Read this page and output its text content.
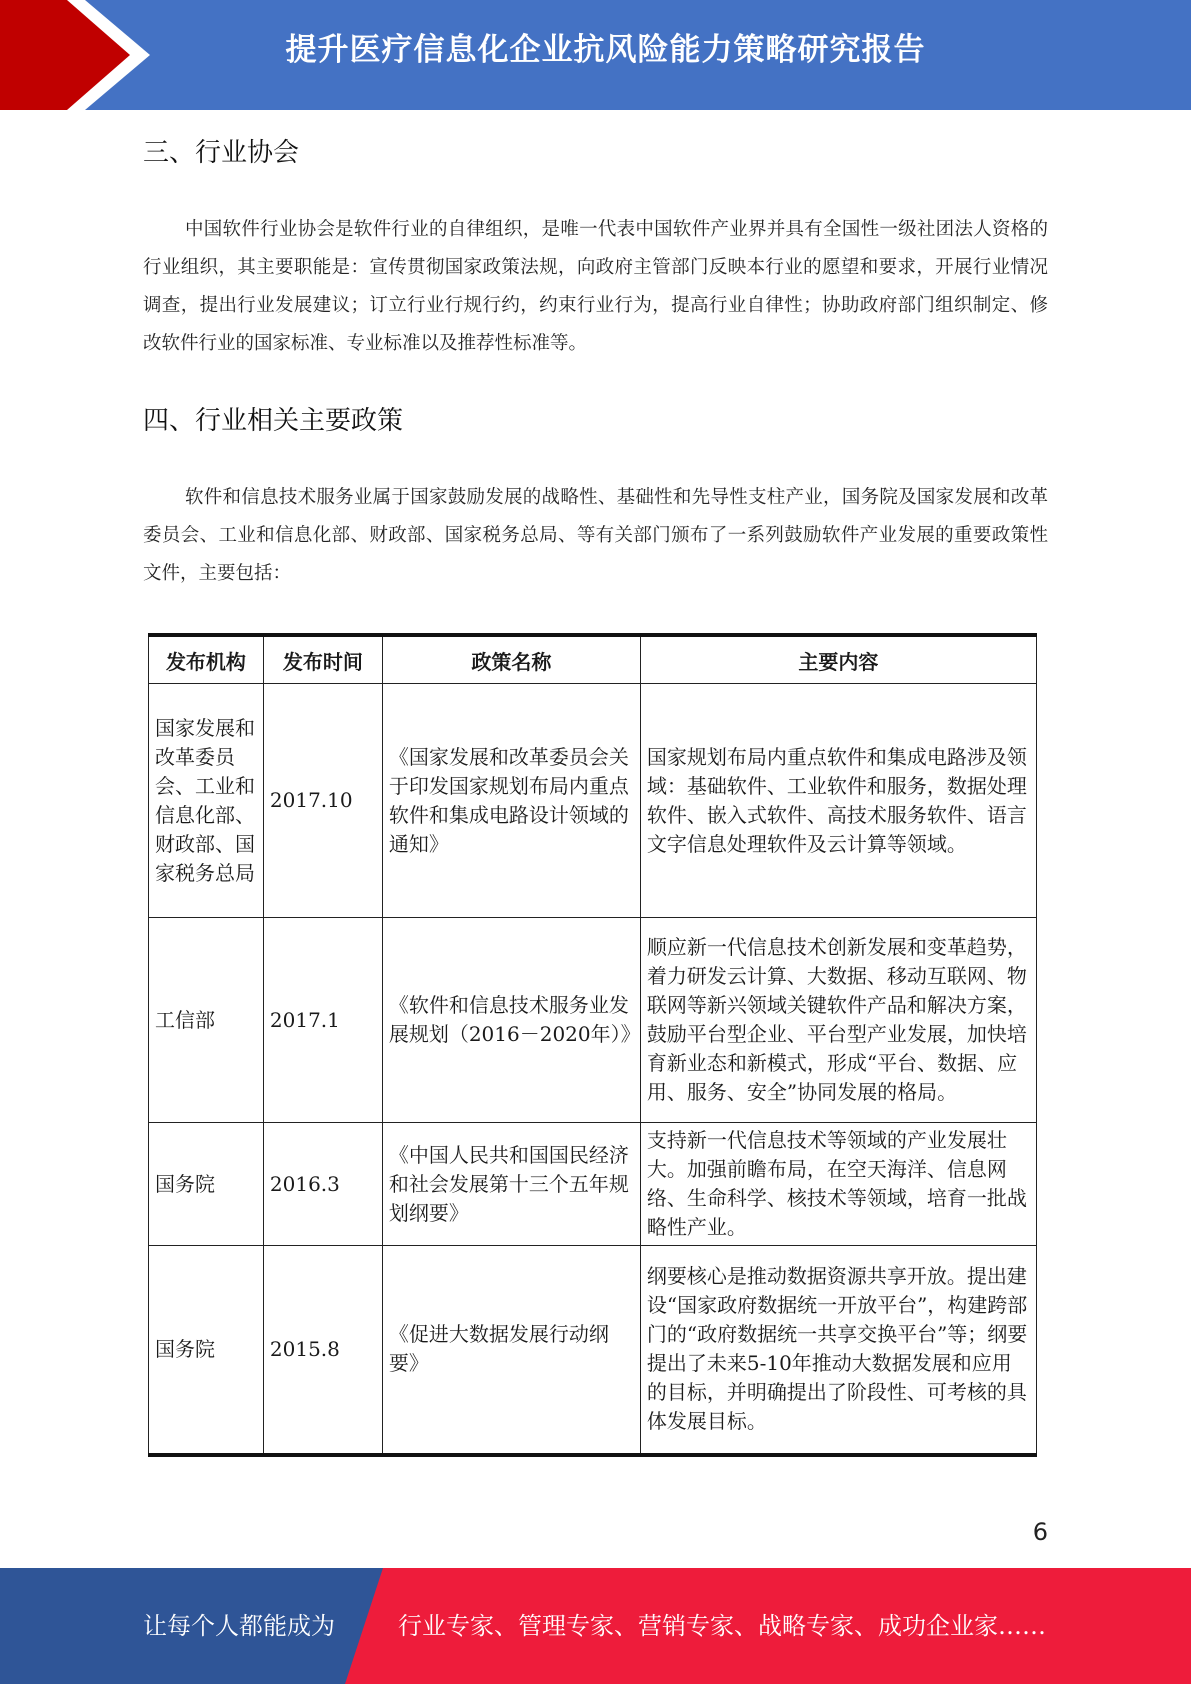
提升医疗信息化企业抗风险能力策略研究报告
三、行业协会
中国软件行业协会是软件行业的自律组织，是唯一代表中国软件产业界并具有全国性一级社团法人资格的行业组织，其主要职能是：宣传贯彻国家政策法规，向政府主管部门反映本行业的愿望和要求，开展行业情况调查，提出行业发展建议；订立行业行规行约，约束行业行为，提高行业自律性；协助政府部门组织制定、修改软件行业的国家标准、专业标准以及推荐性标准等。
四、行业相关主要政策
软件和信息技术服务业属于国家鼓励发展的战略性、基础性和先导性支柱产业，国务院及国家发展和改革委员会、工业和信息化部、财政部、国家税务总局、等有关部门颁布了一系列鼓励软件产业发展的重要政策性文件，主要包括：
发布机构	发布时间	政策名称	主要内容
国家发展和改革委员会、工业和信息化部、财政部、国家税务总局	2017.10	《国家发展和改革委员会关于印发国家规划布局内重点软件和集成电路设计领域的通知》	国家规划布局内重点软件和集成电路涉及领域：基础软件、工业软件和服务，数据处理软件、嵌入式软件、高技术服务软件、语言文字信息处理软件及云计算等领域。
工信部	2017.1	《软件和信息技术服务业发展规划（2016－2020年）》	顺应新一代信息技术创新发展和变革趋势，着力研发云计算、大数据、移动互联网、物联网等新兴领域关键软件产品和解决方案，鼓励平台型企业、平台型产业发展，加快培育新业态和新模式，形成“平台、数据、应用、服务、安全”协同发展的格局。
国务院	2016.3	《中国人民共和国国民经济和社会发展第十三个五年规划纲要》	支持新一代信息技术等领域的产业发展壮大。加强前瞻布局，在空天海洋、信息网络、生命科学、核技术等领域，培育一批战略性产业。
国务院	2015.8	《促进大数据发展行动纲要》	纲要核心是推动数据资源共享开放。提出建设“国家政府数据统一开放平台”，构建跨部门的“政府数据统一共享交换平台”等；纲要提出了未来5-10年推动大数据发展和应用的目标，并明确提出了阶段性、可考核的具体发展目标。
6
让每个人都能成为	行业专家、管理专家、营销专家、战略专家、成功企业家……
